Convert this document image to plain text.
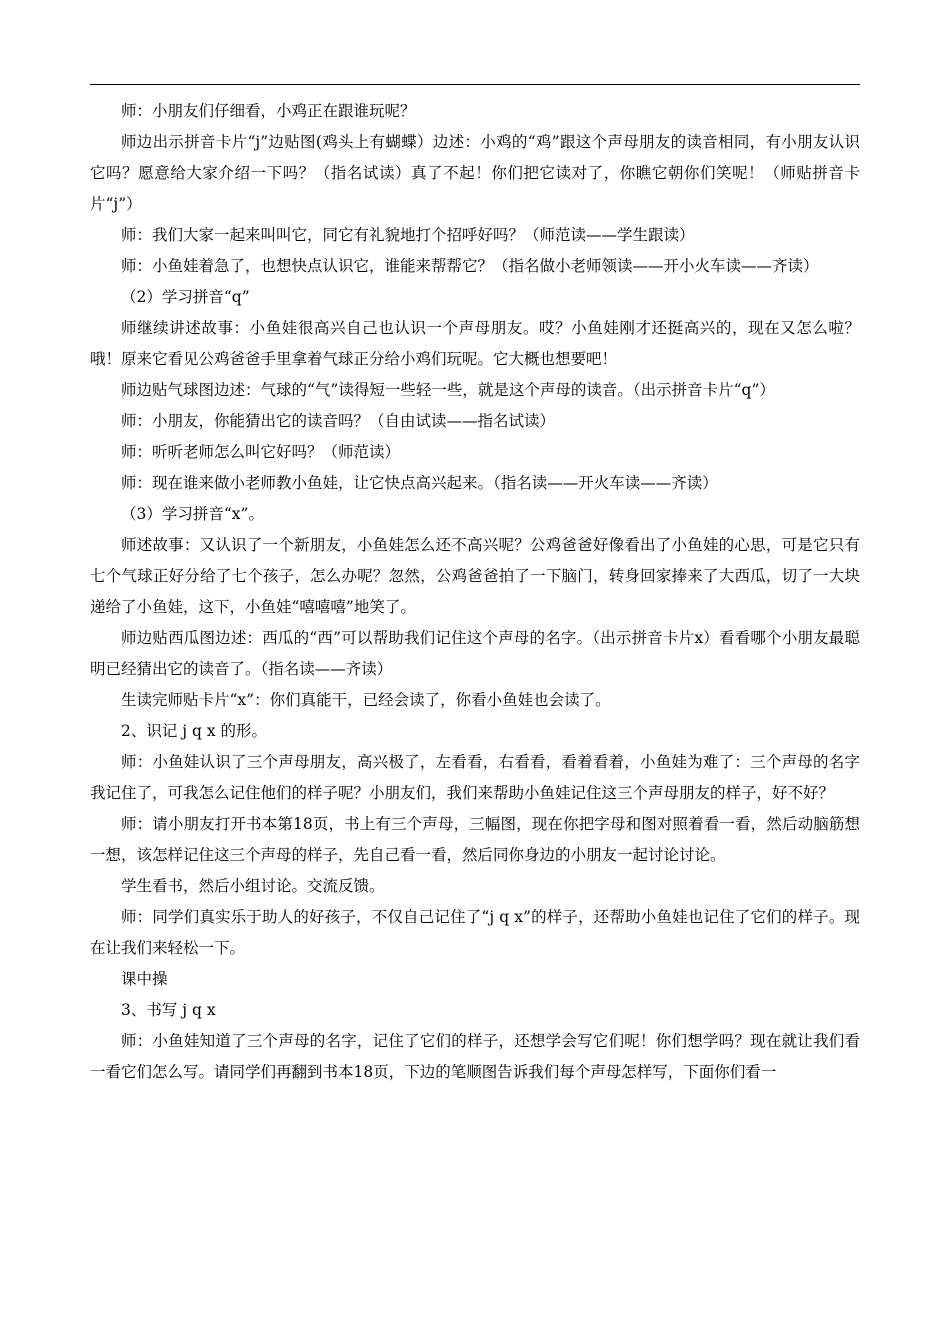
师：小朋友们仔细看，小鸡正在跟谁玩呢？

师边出示拼音卡片“j”边贴图(鸡头上有蝴蝶）边述：小鸡的“鸡”跟这个声母朋友的读音相同，有小朋友认识它吗？愿意给大家介绍一下吗？（指名试读）真了不起！你们把它读对了，你瞧它朝你们笑呢！（师贴拼音卡片“j”）

师：我们大家一起来叫叫它，同它有礼貌地打个招呼好吗？（师范读——学生跟读）

师：小鱼娃着急了，也想快点认识它，谁能来帮帮它？（指名做小老师领读——开小火车读——齐读）

（2）学习拼音“q”

师继续讲述故事：小鱼娃很高兴自己也认识一个声母朋友。哎？小鱼娃刚才还挺高兴的，现在又怎么啦？哦！原来它看见公鸡爸爸手里拿着气球正分给小鸡们玩呢。它大概也想要吧！

师边贴气球图边述：气球的“气”读得短一些轻一些，就是这个声母的读音。（出示拼音卡片“q”）

师：小朋友，你能猜出它的读音吗？（自由试读——指名试读）

师：听听老师怎么叫它好吗？（师范读）

师：现在谁来做小老师教小鱼娃，让它快点高兴起来。（指名读——开火车读——齐读）

（3）学习拼音“x”。

师述故事：又认识了一个新朋友，小鱼娃怎么还不高兴呢？公鸡爸爸好像看出了小鱼娃的心思，可是它只有七个气球正好分给了七个孩子，怎么办呢？忽然，公鸡爸爸拍了一下脑门，转身回家捧来了大西瓜，切了一大块递给了小鱼娃，这下，小鱼娃“嘻嘻嘻”地笑了。

师边贴西瓜图边述：西瓜的“西”可以帮助我们记住这个声母的名字。（出示拼音卡片x）看看哪个小朋友最聪明已经猜出它的读音了。（指名读——齐读）

生读完师贴卡片“x”：你们真能干，已经会读了，你看小鱼娃也会读了。

2、识记 j q x 的形。

师：小鱼娃认识了三个声母朋友，高兴极了，左看看，右看看，看着看着，小鱼娃为难了：三个声母的名字我记住了，可我怎么记住他们的样子呢？小朋友们，我们来帮助小鱼娃记住这三个声母朋友的样子，好不好？

师：请小朋友打开书本第18页，书上有三个声母，三幅图，现在你把字母和图对照着看一看，然后动脑筋想一想，该怎样记住这三个声母的样子，先自己看一看，然后同你身边的小朋友一起讨论讨论。

学生看书，然后小组讨论。交流反馈。

师：同学们真实乐于助人的好孩子，不仅自己记住了“j q x”的样子，还帮助小鱼娃也记住了它们的样子。现在让我们来轻松一下。

课中操

3、书写 j q x

师：小鱼娃知道了三个声母的名字，记住了它们的样子，还想学会写它们呢！你们想学吗？现在就让我们看一看它们怎么写。请同学们再翻到书本18页，下边的笔顺图告诉我们每个声母怎样写，下面你们看一
